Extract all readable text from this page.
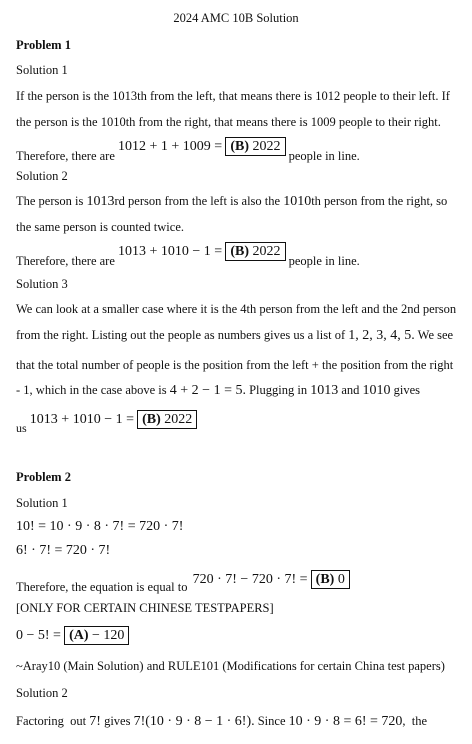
2024 AMC 10B Solution
Problem 1
Solution 1
If the person is the 1013th from the left, that means there is 1012 people to their left. If
the person is the 1010th from the right, that means there is 1009 people to their right.
Therefore, there are 1012 + 1 + 1009 = (B) 2022 people in line.
Solution 2
The person is 1013rd person from the left is also the 1010th person from the right, so
the same person is counted twice.
Therefore, there are 1013 + 1010 − 1 = (B) 2022 people in line.
Solution 3
We can look at a smaller case where it is the 4th person from the left and the 2nd person
from the right. Listing out the people as numbers gives us a list of 1, 2, 3, 4, 5. We see
that the total number of people is the position from the left + the position from the right
- 1, which in the case above is 4 + 2 − 1 = 5. Plugging in 1013 and 1010 gives
us 1013 + 1010 − 1 = (B) 2022
Problem 2
Solution 1
10! = 10 · 9 · 8 · 7! = 720 · 7!
6! · 7! = 720 · 7!
Therefore, the equation is equal to 720 · 7! − 720 · 7! = (B) 0
[ONLY FOR CERTAIN CHINESE TESTPAPERS]
0 − 5! = (A) − 120
~Aray10 (Main Solution) and RULE101 (Modifications for certain China test papers)
Solution 2
Factoring  out 7! gives 7!(10 · 9 · 8 − 1 · 6!). Since 10 · 9 · 8 = 6! = 720,  the
